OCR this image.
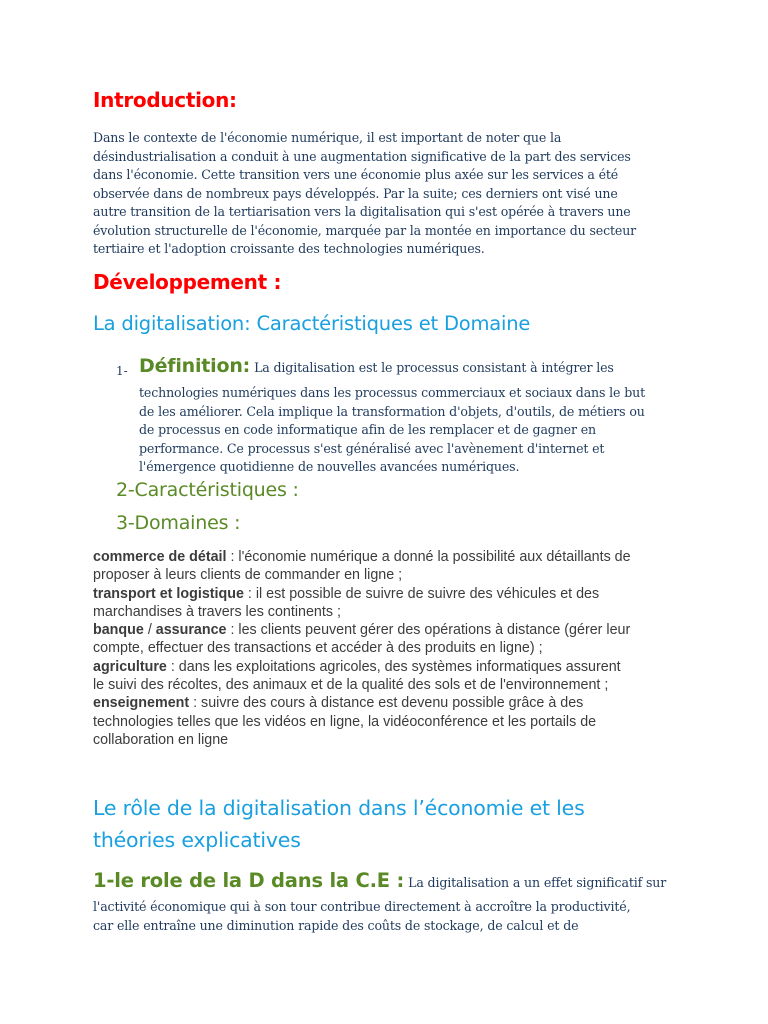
Introduction:
Dans le contexte de l'économie numérique, il est important de noter que la
désindustrialisation a conduit à une augmentation significative de la part des services
dans l'économie. Cette transition vers une économie plus axée sur les services a été
observée dans de nombreux pays développés. Par la suite; ces derniers ont visé une
autre transition de la tertiarisation vers la digitalisation qui s'est opérée à travers une
évolution structurelle de l'économie, marquée par la montée en importance du secteur
tertiaire et l'adoption croissante des technologies numériques.
Développement :
La digitalisation: Caractéristiques et Domaine
1- Définition: La digitalisation est le processus consistant à intégrer les
technologies numériques dans les processus commerciaux et sociaux dans le but
de les améliorer. Cela implique la transformation d'objets, d'outils, de métiers ou
de processus en code informatique afin de les remplacer et de gagner en
performance. Ce processus s'est généralisé avec l'avènement d'internet et
l'émergence quotidienne de nouvelles avancées numériques.
2-Caractéristiques :
3-Domaines :
commerce de détail : l'économie numérique a donné la possibilité aux détaillants de
proposer à leurs clients de commander en ligne ;
transport et logistique : il est possible de suivre de suivre des véhicules et des
marchandises à travers les continents ;
banque / assurance : les clients peuvent gérer des opérations à distance (gérer leur
compte, effectuer des transactions et accéder à des produits en ligne) ;
agriculture : dans les exploitations agricoles, des systèmes informatiques assurent
le suivi des récoltes, des animaux et de la qualité des sols et de l'environnement ;
enseignement : suivre des cours à distance est devenu possible grâce à des
technologies telles que les vidéos en ligne, la vidéoconférence et les portails de
collaboration en ligne
Le rôle de la digitalisation dans l’économie et les
théories explicatives
1-le role de la D dans la C.E : La digitalisation a un effet significatif sur
l'activité économique qui à son tour contribue directement à accroître la productivité,
car elle entraîne une diminution rapide des coûts de stockage, de calcul et de
